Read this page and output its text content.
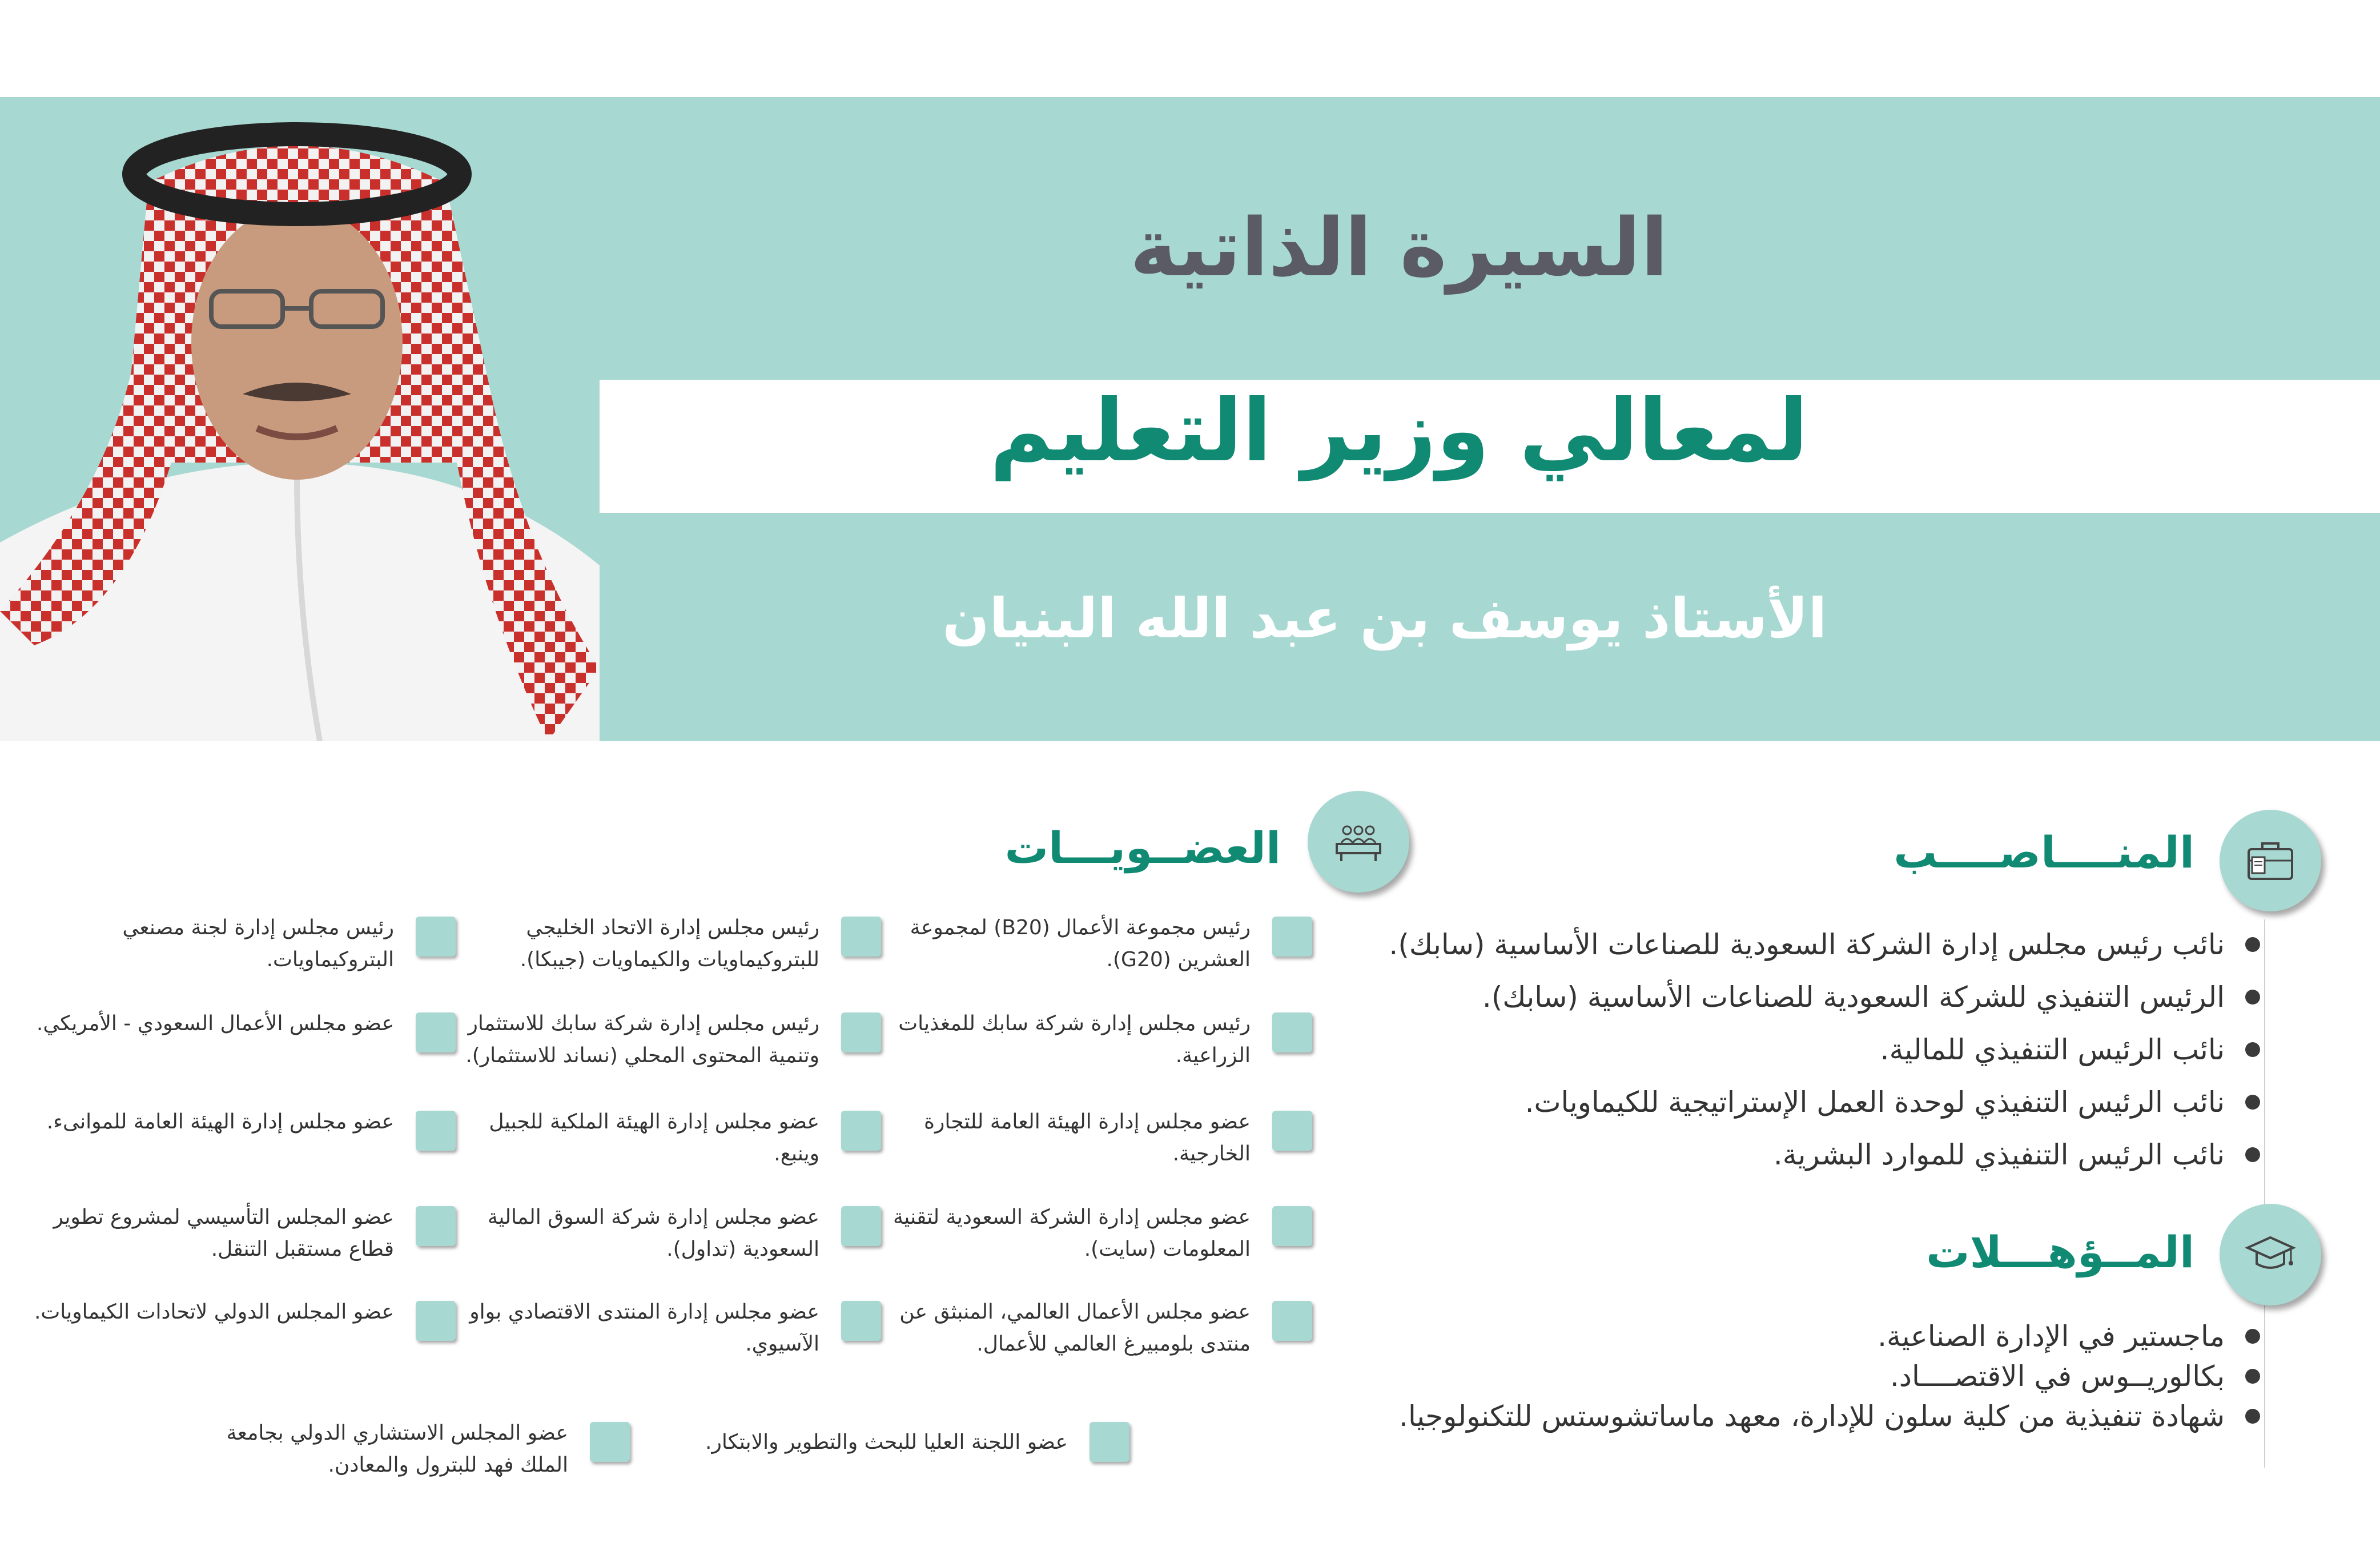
السيرة الذاتية
لمعالي وزير التعليم
الأستاذ يوسف بن عبد الله البنيان
المنــــاصــــب
نائب رئيس مجلس إدارة الشركة السعودية للصناعات الأساسية (سابك).
الرئيس التنفيذي للشركة السعودية للصناعات الأساسية (سابك).
نائب الرئيس التنفيذي للمالية.
نائب الرئيس التنفيذي لوحدة العمل الإستراتيجية للكيماويات.
نائب الرئيس التنفيذي للموارد البشرية.
المــؤهـــلات
ماجستير في الإدارة الصناعية.
بكالوريــوس في الاقتصــــاد.
شهادة تنفيذية من كلية سلون للإدارة، معهد ماساتشوستس للتكنولوجيا.
العضــويـــات
رئيس مجموعة الأعمال (B20) لمجموعة العشرين (G20).
رئيس مجلس إدارة شركة سابك للمغذيات الزراعية.
عضو مجلس إدارة الهيئة العامة للتجارة الخارجية.
عضو مجلس إدارة الشركة السعودية لتقنية المعلومات (سايت).
عضو مجلس الأعمال العالمي، المنبثق عن منتدى بلومبيرغ العالمي للأعمال.
رئيس مجلس إدارة الاتحاد الخليجي للبتروكيماويات والكيماويات (جيبكا).
رئيس مجلس إدارة شركة سابك للاستثمار وتنمية المحتوى المحلي (نساند للاستثمار).
عضو مجلس إدارة الهيئة الملكية للجبيل وينبع.
عضو مجلس إدارة شركة السوق المالية السعودية (تداول).
عضو مجلس إدارة المنتدى الاقتصادي بواو الآسيوي.
رئيس مجلس إدارة لجنة مصنعي البتروكيماويات.
عضو مجلس الأعمال السعودي - الأمريكي.
عضو مجلس إدارة الهيئة العامة للموانىء.
عضو المجلس التأسيسي لمشروع تطوير قطاع مستقبل التنقل.
عضو المجلس الدولي لاتحادات الكيماويات.
عضو اللجنة العليا للبحث والتطوير والابتكار.
عضو المجلس الاستشاري الدولي بجامعة الملك فهد للبترول والمعادن.
